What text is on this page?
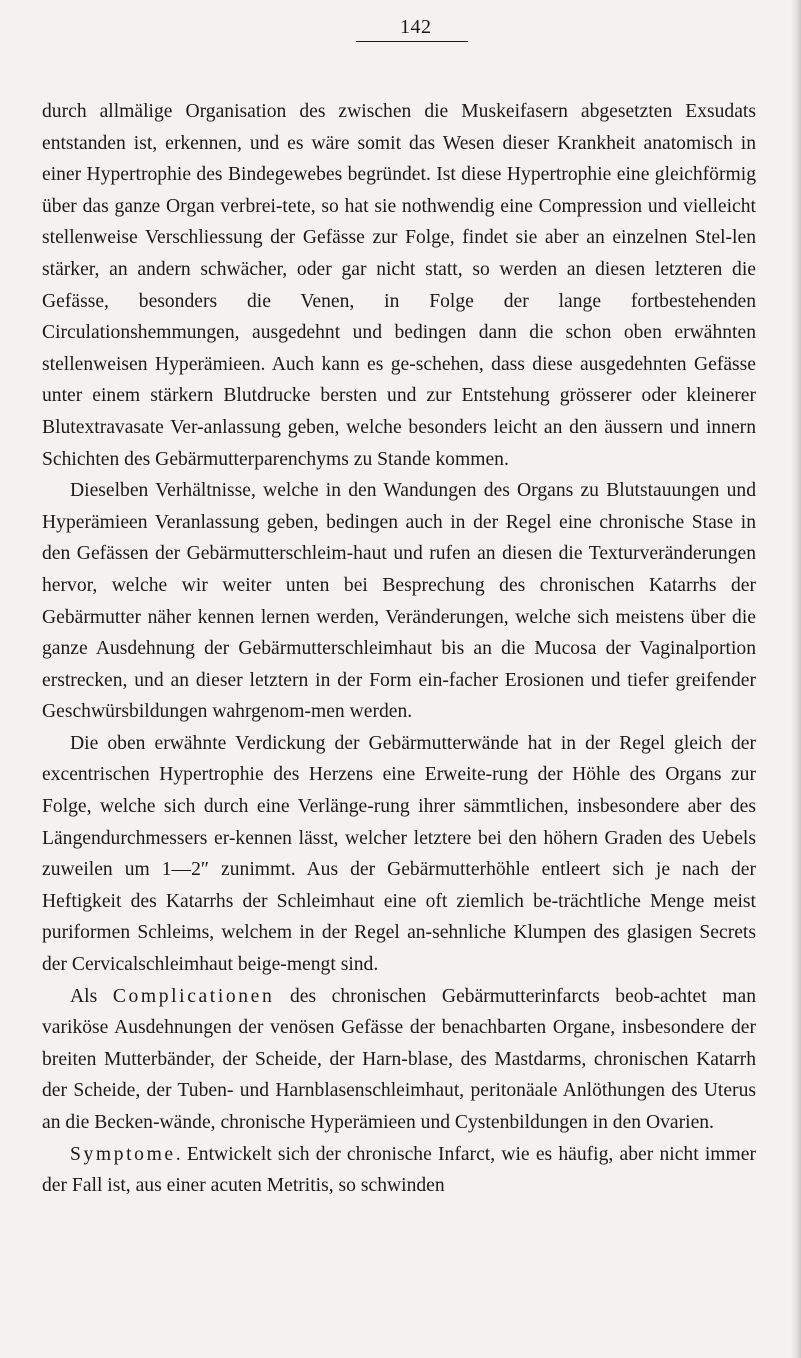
142

durch allmälige Organisation des zwischen die Muskeifasern abgesetzten Exsudats entstanden ist, erkennen, und es wäre somit das Wesen dieser Krankheit anatomisch in einer Hypertrophie des Bindegewebes begründet. Ist diese Hypertrophie eine gleichförmig über das ganze Organ verbrei-tete, so hat sie nothwendig eine Compression und vielleicht stellenweise Verschliessung der Gefässe zur Folge, findet sie aber an einzelnen Stel-len stärker, an andern schwächer, oder gar nicht statt, so werden an diesen letzteren die Gefässe, besonders die Venen, in Folge der lange fortbestehenden Circulationshemmungen, ausgedehnt und bedingen dann die schon oben erwähnten stellenweisen Hyperämieen. Auch kann es ge-schehen, dass diese ausgedehnten Gefässe unter einem stärkern Blutdrucke bersten und zur Entstehung grösserer oder kleinerer Blutextravasate Ver-anlassung geben, welche besonders leicht an den äussern und innern Schichten des Gebärmutterparenchyms zu Stande kommen.

Dieselben Verhältnisse, welche in den Wandungen des Organs zu Blutstauungen und Hyperämieen Veranlassung geben, bedingen auch in der Regel eine chronische Stase in den Gefässen der Gebärmutterschleim-haut und rufen an diesen die Texturveränderungen hervor, welche wir weiter unten bei Besprechung des chronischen Katarrhs der Gebärmutter näher kennen lernen werden, Veränderungen, welche sich meistens über die ganze Ausdehnung der Gebärmutterschleimhaut bis an die Mucosa der Vaginalportion erstrecken, und an dieser letztern in der Form ein-facher Erosionen und tiefer greifender Geschwürsbildungen wahrgenom-men werden.

Die oben erwähnte Verdickung der Gebärmutterwände hat in der Regel gleich der excentrischen Hypertrophie des Herzens eine Erweite-rung der Höhle des Organs zur Folge, welche sich durch eine Verlänge-rung ihrer sämmtlichen, insbesondere aber des Längendurchmessers er-kennen lässt, welcher letztere bei den höhern Graden des Uebels zuweilen um 1—2″ zunimmt. Aus der Gebärmutterhöhle entleert sich je nach der Heftigkeit des Katarrhs der Schleimhaut eine oft ziemlich be-trächtliche Menge meist puriformen Schleims, welchem in der Regel an-sehnliche Klumpen des glasigen Secrets der Cervicalschleimhaut beige-mengt sind.

Als Complicationen des chronischen Gebärmutterinfarcts beob-achtet man variköse Ausdehnungen der venösen Gefässe der benachbarten Organe, insbesondere der breiten Mutterbänder, der Scheide, der Harn-blase, des Mastdarms, chronischen Katarrh der Scheide, der Tuben- und Harnblasenschleimhaut, peritonäale Anlöthungen des Uterus an die Becken-wände, chronische Hyperämieen und Cystenbildungen in den Ovarien.

Symptome. Entwickelt sich der chronische Infarct, wie es häufig, aber nicht immer der Fall ist, aus einer acuten Metritis, so schwinden
